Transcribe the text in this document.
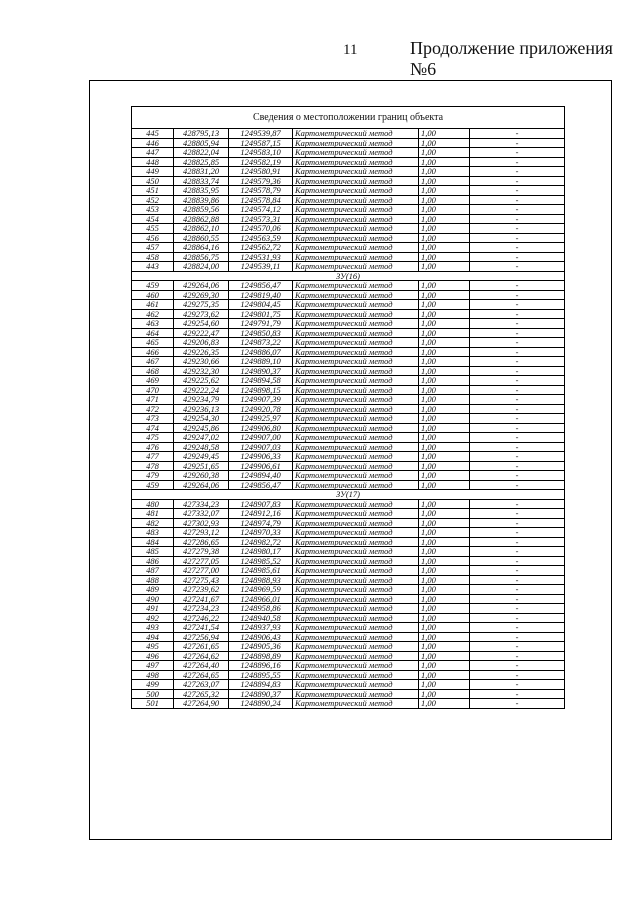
11	Продолжение приложения №6
Сведения о местоположении границ объекта					
445	428795,13	1249539,87	Картометрический метод	1,00	-
446	428805,94	1249587,15	Картометрический метод	1,00	-
447	428822,04	1249583,10	Картометрический метод	1,00	-
448	428825,85	1249582,19	Картометрический метод	1,00	-
449	428831,20	1249580,91	Картометрический метод	1,00	-
450	428833,74	1249579,36	Картометрический метод	1,00	-
451	428835,95	1249578,79	Картометрический метод	1,00	-
452	428839,86	1249578,84	Картометрический метод	1,00	-
453	428859,56	1249574,12	Картометрический метод	1,00	-
454	428862,88	1249573,31	Картометрический метод	1,00	-
455	428862,10	1249570,06	Картометрический метод	1,00	-
456	428860,55	1249563,59	Картометрический метод	1,00	-
457	428864,16	1249562,72	Картометрический метод	1,00	-
458	428856,75	1249531,93	Картометрический метод	1,00	-
443	428824,00	1249539,11	Картометрический метод	1,00	-
ЗУ(16)					
459	429264,06	1249856,47	Картометрический метод	1,00	-
460	429269,30	1249819,40	Картометрический метод	1,00	-
461	429275,35	1249804,45	Картометрический метод	1,00	-
462	429273,62	1249801,75	Картометрический метод	1,00	-
463	429254,60	1249791,79	Картометрический метод	1,00	-
464	429222,47	1249850,83	Картометрический метод	1,00	-
465	429206,83	1249873,22	Картометрический метод	1,00	-
466	429226,35	1249886,07	Картометрический метод	1,00	-
467	429230,66	1249889,10	Картометрический метод	1,00	-
468	429232,30	1249890,37	Картометрический метод	1,00	-
469	429225,62	1249894,58	Картометрический метод	1,00	-
470	429222,24	1249898,15	Картометрический метод	1,00	-
471	429234,79	1249907,39	Картометрический метод	1,00	-
472	429236,13	1249920,78	Картометрический метод	1,00	-
473	429254,30	1249925,97	Картометрический метод	1,00	-
474	429245,86	1249906,80	Картометрический метод	1,00	-
475	429247,02	1249907,00	Картометрический метод	1,00	-
476	429248,58	1249907,03	Картометрический метод	1,00	-
477	429249,45	1249906,33	Картометрический метод	1,00	-
478	429251,65	1249906,61	Картометрический метод	1,00	-
479	429260,38	1249894,40	Картометрический метод	1,00	-
459	429264,06	1249856,47	Картометрический метод	1,00	-
ЗУ(17)					
480	427334,23	1248907,83	Картометрический метод	1,00	-
481	427332,07	1248912,16	Картометрический метод	1,00	-
482	427302,93	1248974,79	Картометрический метод	1,00	-
483	427293,12	1248970,33	Картометрический метод	1,00	-
484	427286,65	1248982,72	Картометрический метод	1,00	-
485	427279,38	1248980,17	Картометрический метод	1,00	-
486	427277,05	1248985,52	Картометрический метод	1,00	-
487	427277,00	1248985,61	Картометрический метод	1,00	-
488	427275,43	1248988,93	Картометрический метод	1,00	-
489	427239,62	1248969,59	Картометрический метод	1,00	-
490	427241,67	1248966,01	Картометрический метод	1,00	-
491	427234,23	1248958,86	Картометрический метод	1,00	-
492	427246,22	1248940,58	Картометрический метод	1,00	-
493	427241,54	1248937,93	Картометрический метод	1,00	-
494	427256,94	1248906,43	Картометрический метод	1,00	-
495	427261,65	1248905,36	Картометрический метод	1,00	-
496	427264,62	1248898,89	Картометрический метод	1,00	-
497	427264,40	1248896,16	Картометрический метод	1,00	-
498	427264,65	1248895,55	Картометрический метод	1,00	-
499	427263,07	1248894,83	Картометрический метод	1,00	-
500	427265,32	1248890,37	Картометрический метод	1,00	-
501	427264,90	1248890,24	Картометрический метод	1,00	-
